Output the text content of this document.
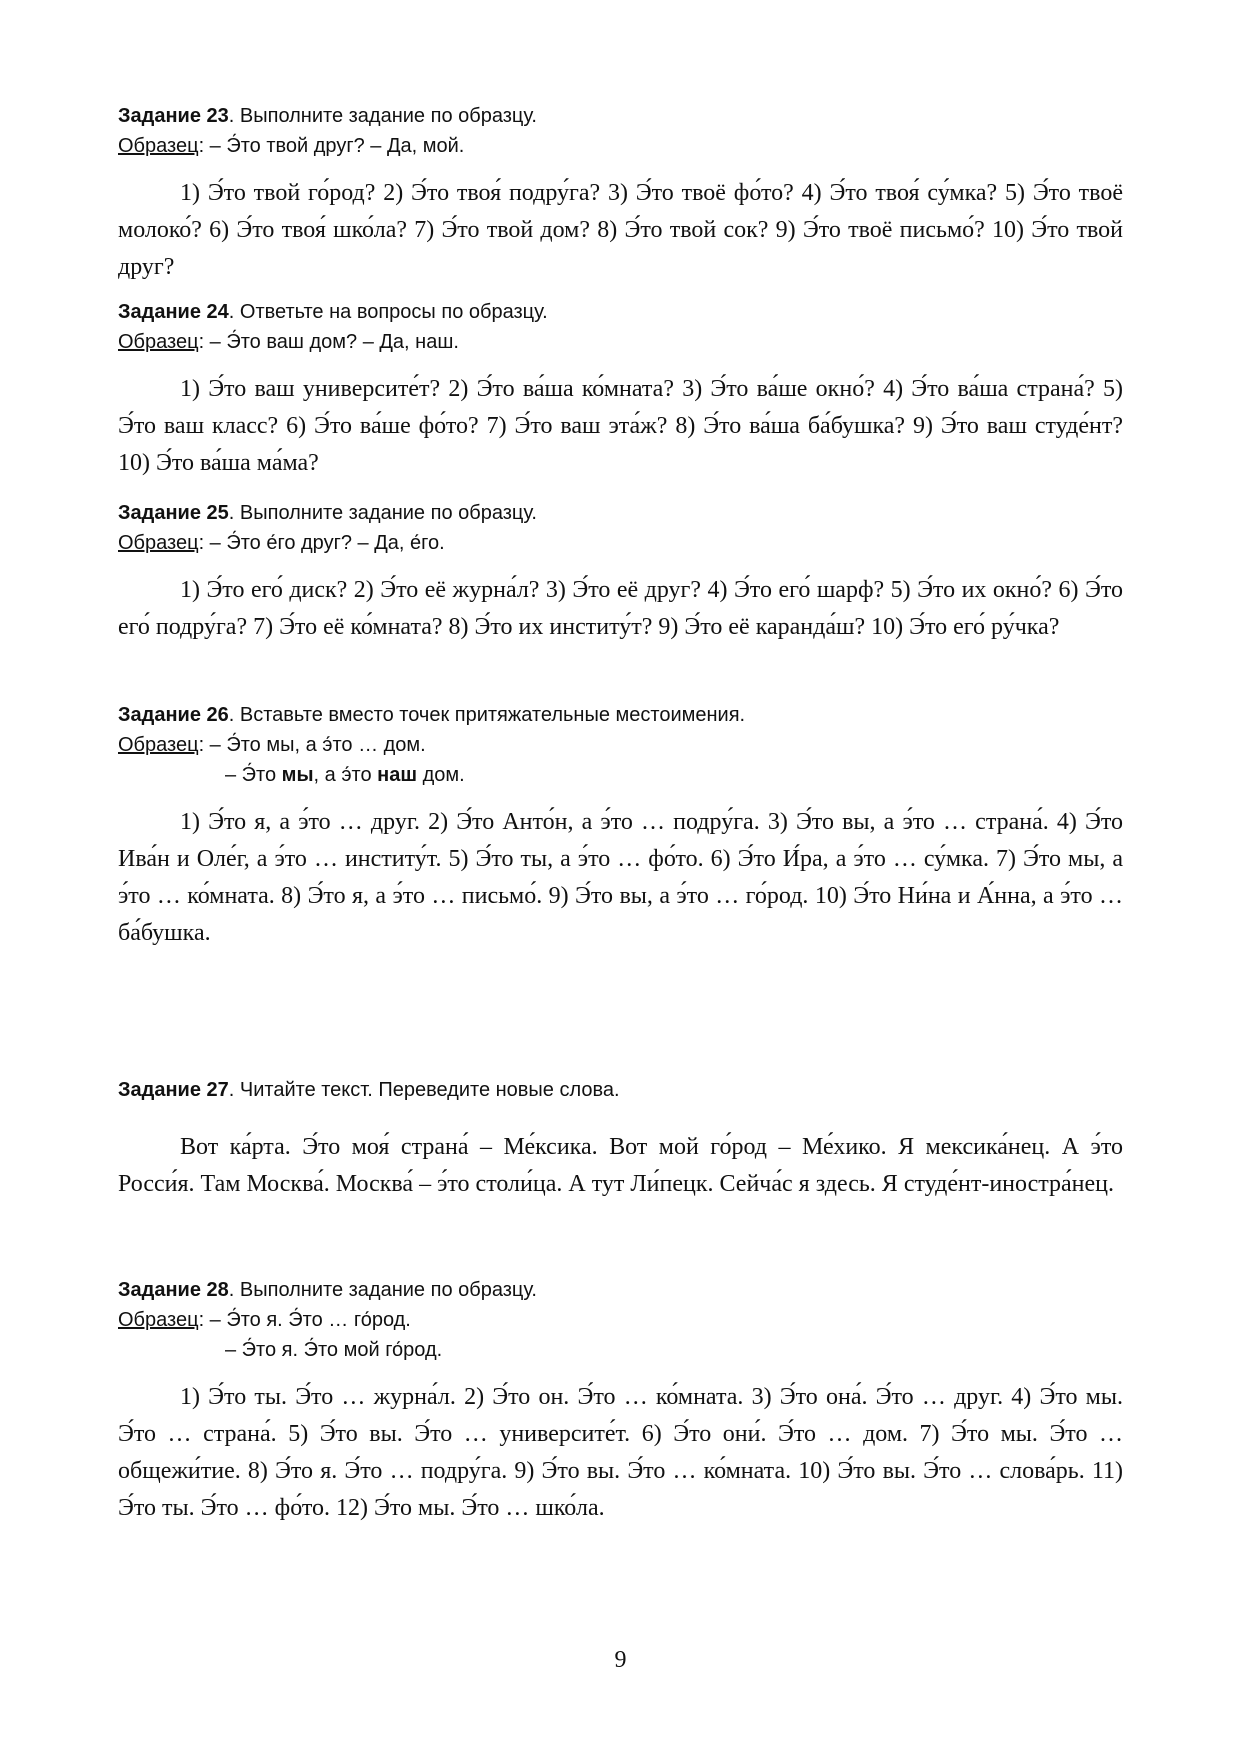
Задание 23. Выполните задание по образцу.

Образец: – Э́то твой друг? – Да, мой.

1) Э́то твой го́род? 2) Э́то твоя́ подру́га? 3) Э́то твоё фо́то? 4) Э́то твоя́ су́мка? 5) Э́то твоё молоко́? 6) Э́то твоя́ шко́ла? 7) Э́то твой дом? 8) Э́то твой сок? 9) Э́то твоё письмо́? 10) Э́то твой друг?

Задание 24. Ответьте на вопросы по образцу.

Образец: – Э́то ваш дом? – Да, наш.

1) Э́то ваш университе́т? 2) Э́то ва́ша ко́мната? 3) Э́то ва́ше окно́? 4) Э́то ва́ша страна́? 5) Э́то ваш класс? 6) Э́то ва́ше фо́то? 7) Э́то ваш эта́ж? 8) Э́то ва́ша ба́бушка? 9) Э́то ваш студе́нт? 10) Э́то ва́ша ма́ма?

Задание 25. Выполните задание по образцу.

Образец: – Э́то е́го друг? – Да, е́го.

1) Э́то его́ диск? 2) Э́то её журна́л? 3) Э́то её друг? 4) Э́то его́ шарф? 5) Э́то их окно́? 6) Э́то его́ подру́га? 7) Э́то её ко́мната? 8) Э́то их институ́т? 9) Э́то её каранда́ш? 10) Э́то его́ ру́чка?

Задание 26. Вставьте вместо точек притяжательные местоимения.

Образец: – Э́то мы, а э́то … дом.

– Э́то мы, а э́то наш дом.

1) Э́то я, а э́то … друг. 2) Э́то Анто́н, а э́то … подру́га. 3) Э́то вы, а э́то … страна́. 4) Э́то Ива́н и Оле́г, а э́то … институ́т. 5) Э́то ты, а э́то … фо́то. 6) Э́то И́ра, а э́то … су́мка. 7) Э́то мы, а э́то … ко́мната. 8) Э́то я, а э́то … письмо́. 9) Э́то вы, а э́то … го́род. 10) Э́то Ни́на и А́нна, а э́то … ба́бушка.

Задание 27. Читайте текст. Переведите новые слова.

Вот ка́рта. Э́то моя́ страна́ – Ме́ксика. Вот мой го́род – Ме́хико. Я мексика́нец. А э́то Росси́я. Там Москва́. Москва́ – э́то столи́ца. А тут Ли́пецк. Сейча́с я здесь. Я студе́нт-иностра́нец.

Задание 28. Выполните задание по образцу.

Образец: – Э́то я. Э́то … го́род.

– Э́то я. Э́то мой го́род.

1) Э́то ты. Э́то … журна́л. 2) Э́то он. Э́то … ко́мната. 3) Э́то она́. Э́то … друг. 4) Э́то мы. Э́то … страна́. 5) Э́то вы. Э́то … университе́т. 6) Э́то они́. Э́то … дом. 7) Э́то мы. Э́то … общежи́тие. 8) Э́то я. Э́то … подру́га. 9) Э́то вы. Э́то … ко́мната. 10) Э́то вы. Э́то … слова́рь. 11) Э́то ты. Э́то … фо́то. 12) Э́то мы. Э́то … шко́ла.

9
